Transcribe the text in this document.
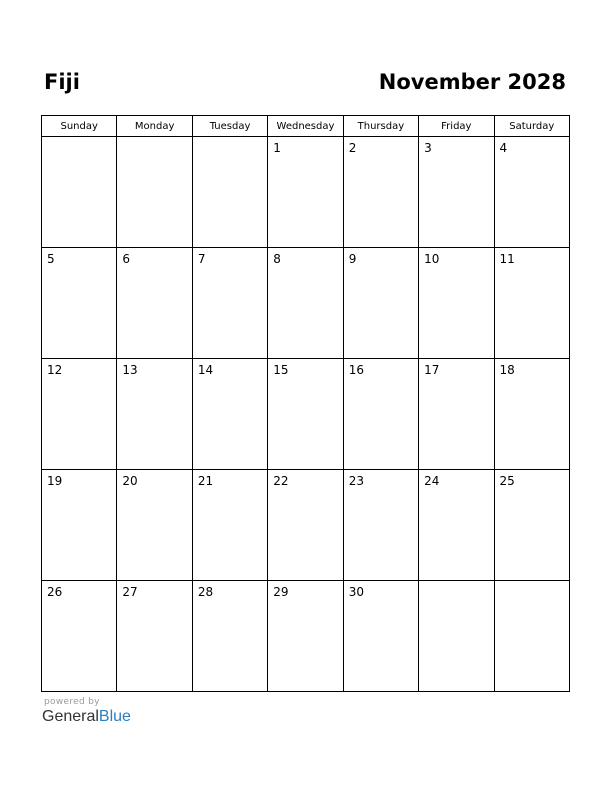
Fiji	November 2028
Sunday	Monday	Tuesday	Wednesday	Thursday	Friday	Saturday

			1	2	3	4

5	6	7	8	9	10	11

12	13	14	15	16	17	18

19	20	21	22	23	24	25

26	27	28	29	30		

powered by
GeneralBlue
